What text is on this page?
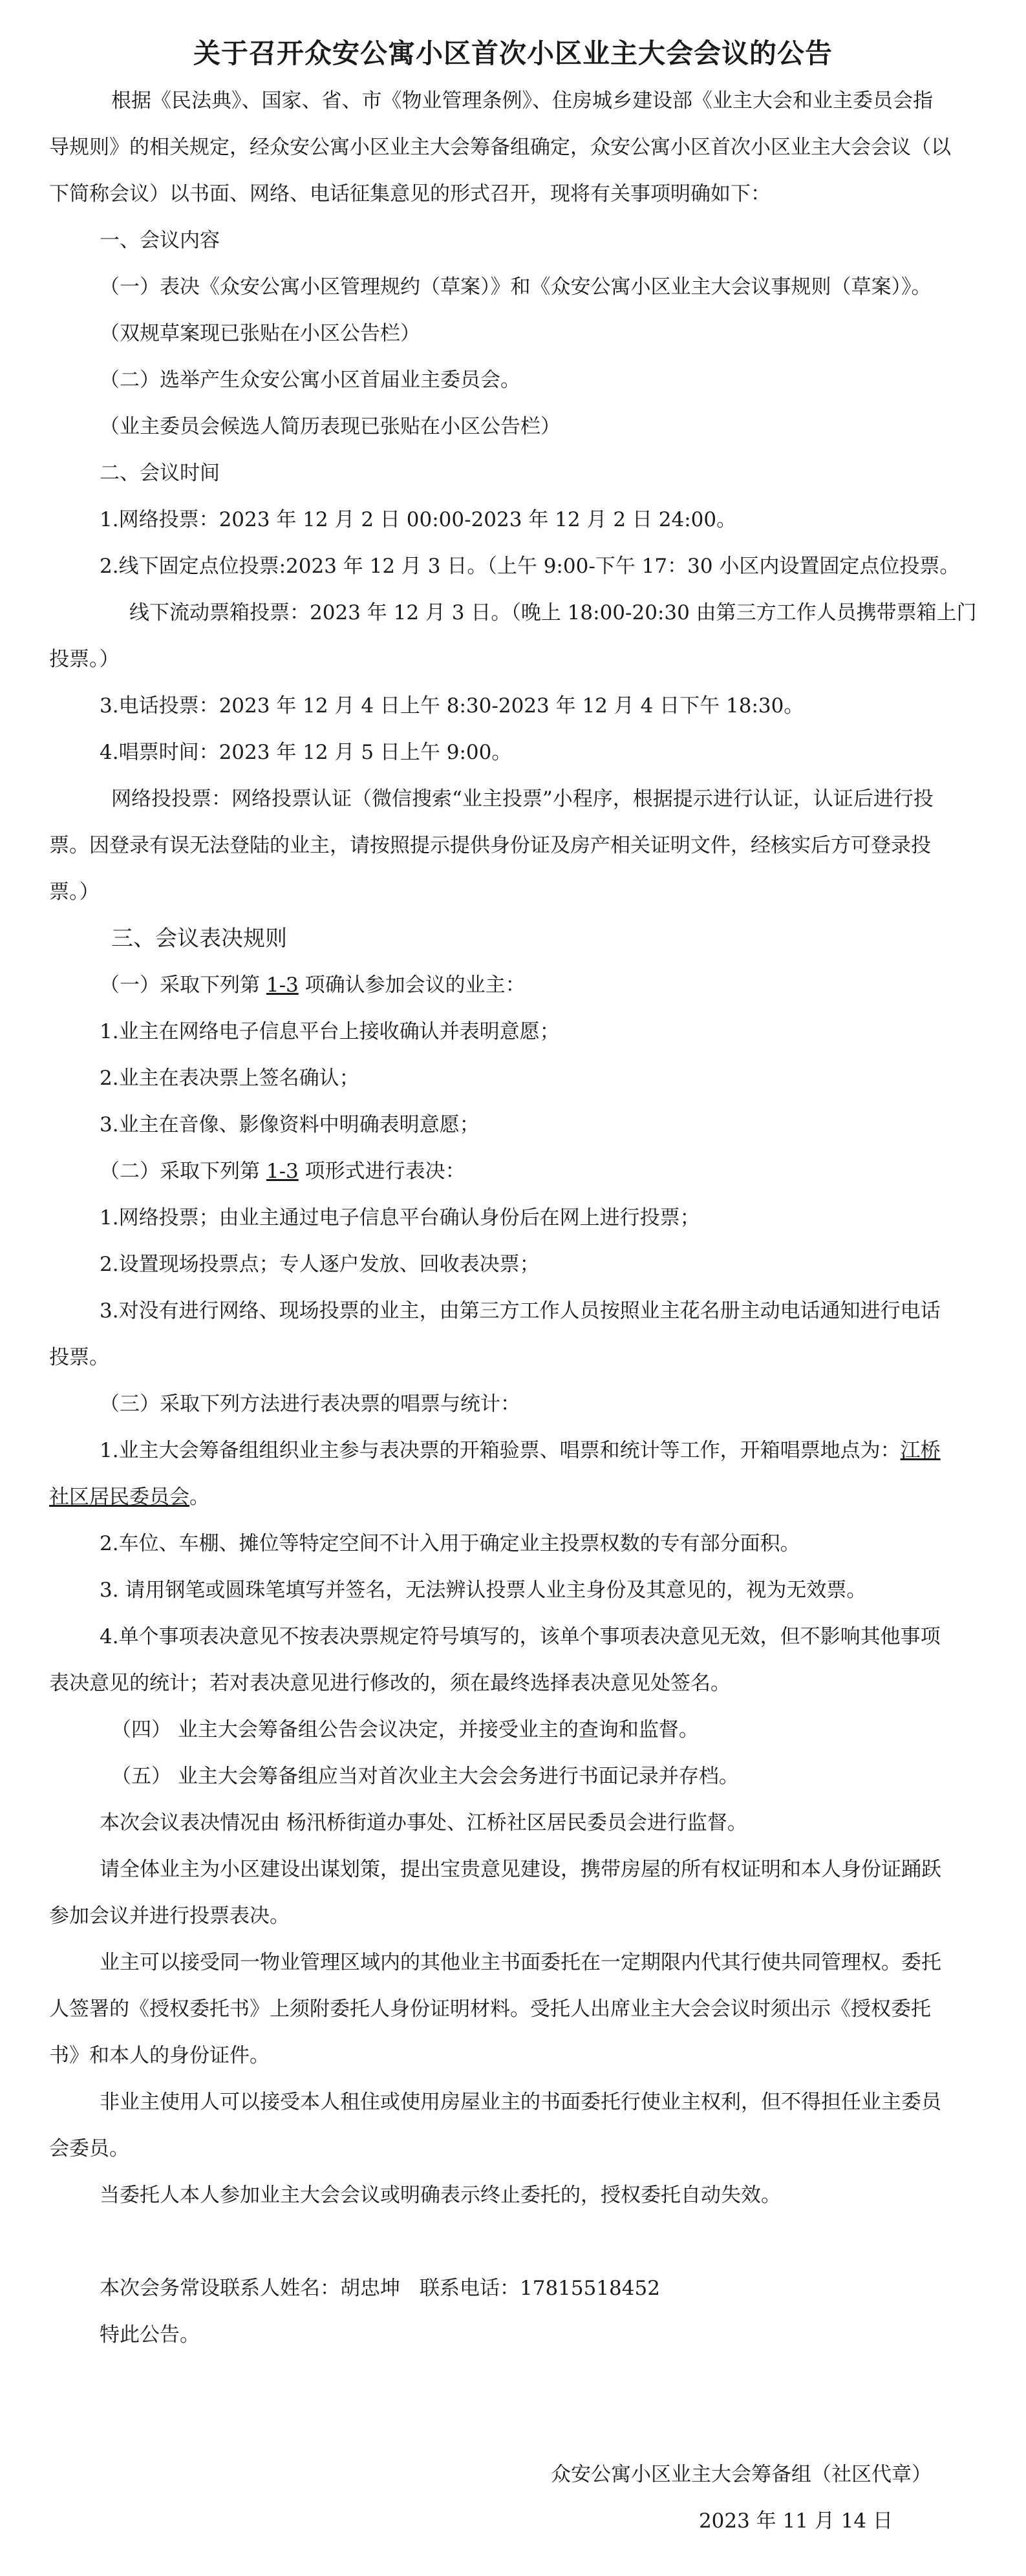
关于召开众安公寓小区首次小区业主大会会议的公告
根据《民法典》、国家、省、市《物业管理条例》、住房城乡建设部《业主大会和业主委员会指
导规则》的相关规定，经众安公寓小区业主大会筹备组确定，众安公寓小区首次小区业主大会会议（以
下简称会议）以书面、网络、电话征集意见的形式召开，现将有关事项明确如下：
一、会议内容
（一）表决《众安公寓小区管理规约（草案）》和《众安公寓小区业主大会议事规则（草案）》。
（双规草案现已张贴在小区公告栏）
（二）选举产生众安公寓小区首届业主委员会。
（业主委员会候选人简历表现已张贴在小区公告栏）
二、会议时间
1.网络投票：2023 年 12 月 2 日 00:00-2023 年 12 月 2 日 24:00。
2.线下固定点位投票:2023 年 12 月 3 日。（上午 9:00-下午 17：30 小区内设置固定点位投票。
线下流动票箱投票：2023 年 12 月 3 日。（晚上 18:00-20:30 由第三方工作人员携带票箱上门
投票。）
3.电话投票：2023 年 12 月 4 日上午 8:30-2023 年 12 月 4 日下午 18:30。
4.唱票时间：2023 年 12 月 5 日上午 9:00。
网络投投票：网络投票认证（微信搜索“业主投票”小程序，根据提示进行认证，认证后进行投
票。因登录有误无法登陆的业主，请按照提示提供身份证及房产相关证明文件，经核实后方可登录投
票。）
三、会议表决规则
（一）采取下列第 1-3 项确认参加会议的业主：
1.业主在网络电子信息平台上接收确认并表明意愿；
2.业主在表决票上签名确认；
3.业主在音像、影像资料中明确表明意愿；
（二）采取下列第 1-3 项形式进行表决：
1.网络投票；由业主通过电子信息平台确认身份后在网上进行投票；
2.设置现场投票点；专人逐户发放、回收表决票；
3.对没有进行网络、现场投票的业主，由第三方工作人员按照业主花名册主动电话通知进行电话
投票。
（三）采取下列方法进行表决票的唱票与统计：
1.业主大会筹备组组织业主参与表决票的开箱验票、唱票和统计等工作，开箱唱票地点为：江桥
社区居民委员会。
2.车位、车棚、摊位等特定空间不计入用于确定业主投票权数的专有部分面积。
3. 请用钢笔或圆珠笔填写并签名，无法辨认投票人业主身份及其意见的，视为无效票。
4.单个事项表决意见不按表决票规定符号填写的，该单个事项表决意见无效，但不影响其他事项
表决意见的统计；若对表决意见进行修改的，须在最终选择表决意见处签名。
（四） 业主大会筹备组公告会议决定，并接受业主的查询和监督。
（五） 业主大会筹备组应当对首次业主大会会务进行书面记录并存档。
本次会议表决情况由 杨汛桥街道办事处、江桥社区居民委员会进行监督。
请全体业主为小区建设出谋划策，提出宝贵意见建设，携带房屋的所有权证明和本人身份证踊跃
参加会议并进行投票表决。
业主可以接受同一物业管理区域内的其他业主书面委托在一定期限内代其行使共同管理权。委托
人签署的《授权委托书》上须附委托人身份证明材料。受托人出席业主大会会议时须出示《授权委托
书》和本人的身份证件。
非业主使用人可以接受本人租住或使用房屋业主的书面委托行使业主权利，但不得担任业主委员
会委员。
当委托人本人参加业主大会会议或明确表示终止委托的，授权委托自动失效。
本次会务常设联系人姓名：胡忠坤 联系电话：17815518452
特此公告。
众安公寓小区业主大会筹备组（社区代章）
2023 年 11 月 14 日
